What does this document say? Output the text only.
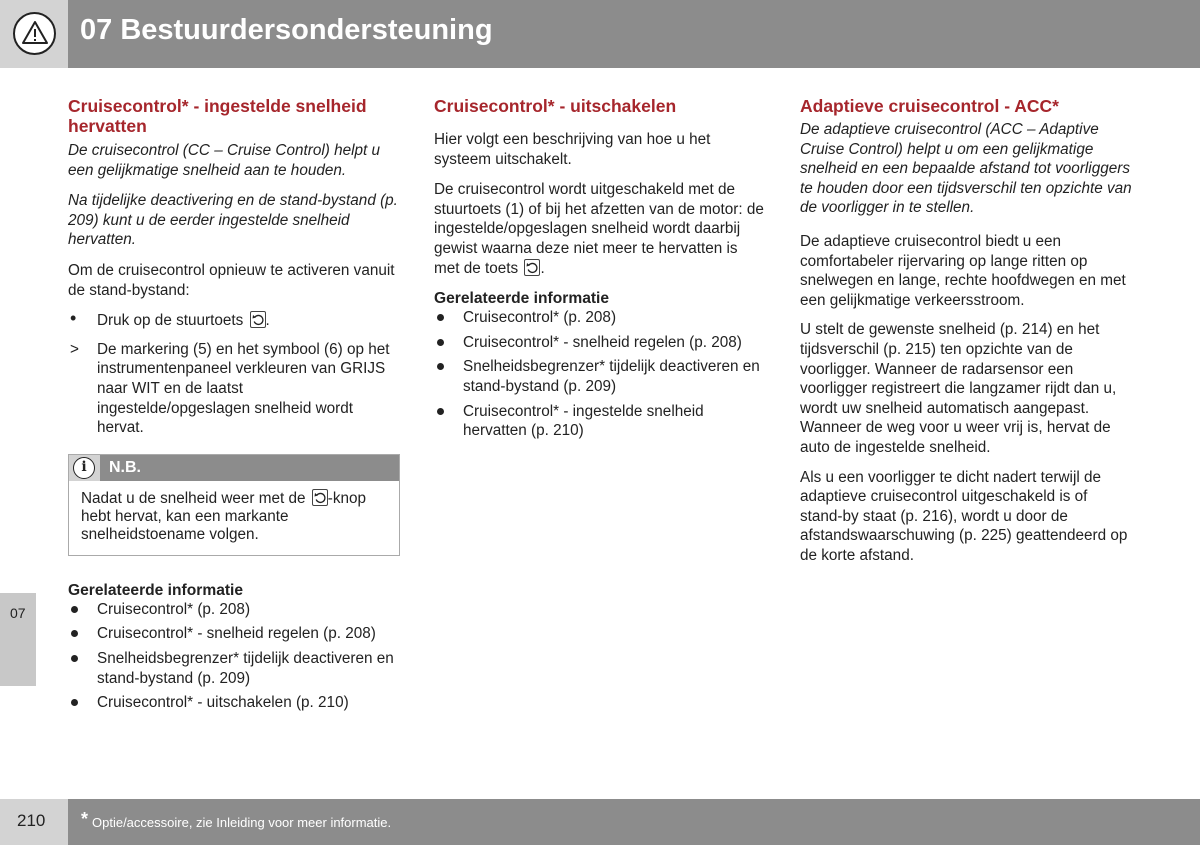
07 Bestuurdersondersteuning
07
Cruisecontrol* - ingestelde snelheid hervatten

De cruisecontrol (CC – Cruise Control) helpt u een gelijkmatige snelheid aan te houden.

Na tijdelijke deactivering en de stand-bystand (p. 209) kunt u de eerder ingestelde snelheid hervatten.

Om de cruisecontrol opnieuw te activeren vanuit de stand-bystand:

• Druk op de stuurtoets .
> De markering (5) en het symbool (6) op het instrumentenpaneel verkleuren van GRIJS naar WIT en de laatst ingestelde/opgeslagen snelheid wordt hervat.
i	N.B.
Nadat u de snelheid weer met de -knop hebt hervat, kan een markante snelheidstoename volgen.
Gerelateerde informatie
Cruisecontrol* (p. 208)
Cruisecontrol* - snelheid regelen (p. 208)
Snelheidsbegrenzer* tijdelijk deactiveren en stand-bystand (p. 209)
Cruisecontrol* - uitschakelen (p. 210)
Cruisecontrol* - uitschakelen

Hier volgt een beschrijving van hoe u het systeem uitschakelt.

De cruisecontrol wordt uitgeschakeld met de stuurtoets (1) of bij het afzetten van de motor: de ingestelde/opgeslagen snelheid wordt daarbij gewist waarna deze niet meer te hervatten is met de toets .

Gerelateerde informatie
Cruisecontrol* (p. 208)
Cruisecontrol* - snelheid regelen (p. 208)
Snelheidsbegrenzer* tijdelijk deactiveren en stand-bystand (p. 209)
Cruisecontrol* - ingestelde snelheid hervatten (p. 210)
Adaptieve cruisecontrol - ACC*

De adaptieve cruisecontrol (ACC – Adaptive Cruise Control) helpt u om een gelijkmatige snelheid en een bepaalde afstand tot voorliggers te houden door een tijdsverschil ten opzichte van de voorligger in te stellen.

De adaptieve cruisecontrol biedt u een comfortabeler rijervaring op lange ritten op snelwegen en lange, rechte hoofdwegen en met een gelijkmatige verkeersstroom.

U stelt de gewenste snelheid (p. 214) en het tijdsverschil (p. 215) ten opzichte van de voorligger. Wanneer de radarsensor een voorligger registreert die langzamer rijdt dan u, wordt uw snelheid automatisch aangepast. Wanneer de weg voor u weer vrij is, hervat de auto de ingestelde snelheid.

Als u een voorligger te dicht nadert terwijl de adaptieve cruisecontrol uitgeschakeld is of stand-by staat (p. 216), wordt u door de afstandswaarschuwing (p. 225) geattendeerd op de korte afstand.

210 * Optie/accessoire, zie Inleiding voor meer informatie.
